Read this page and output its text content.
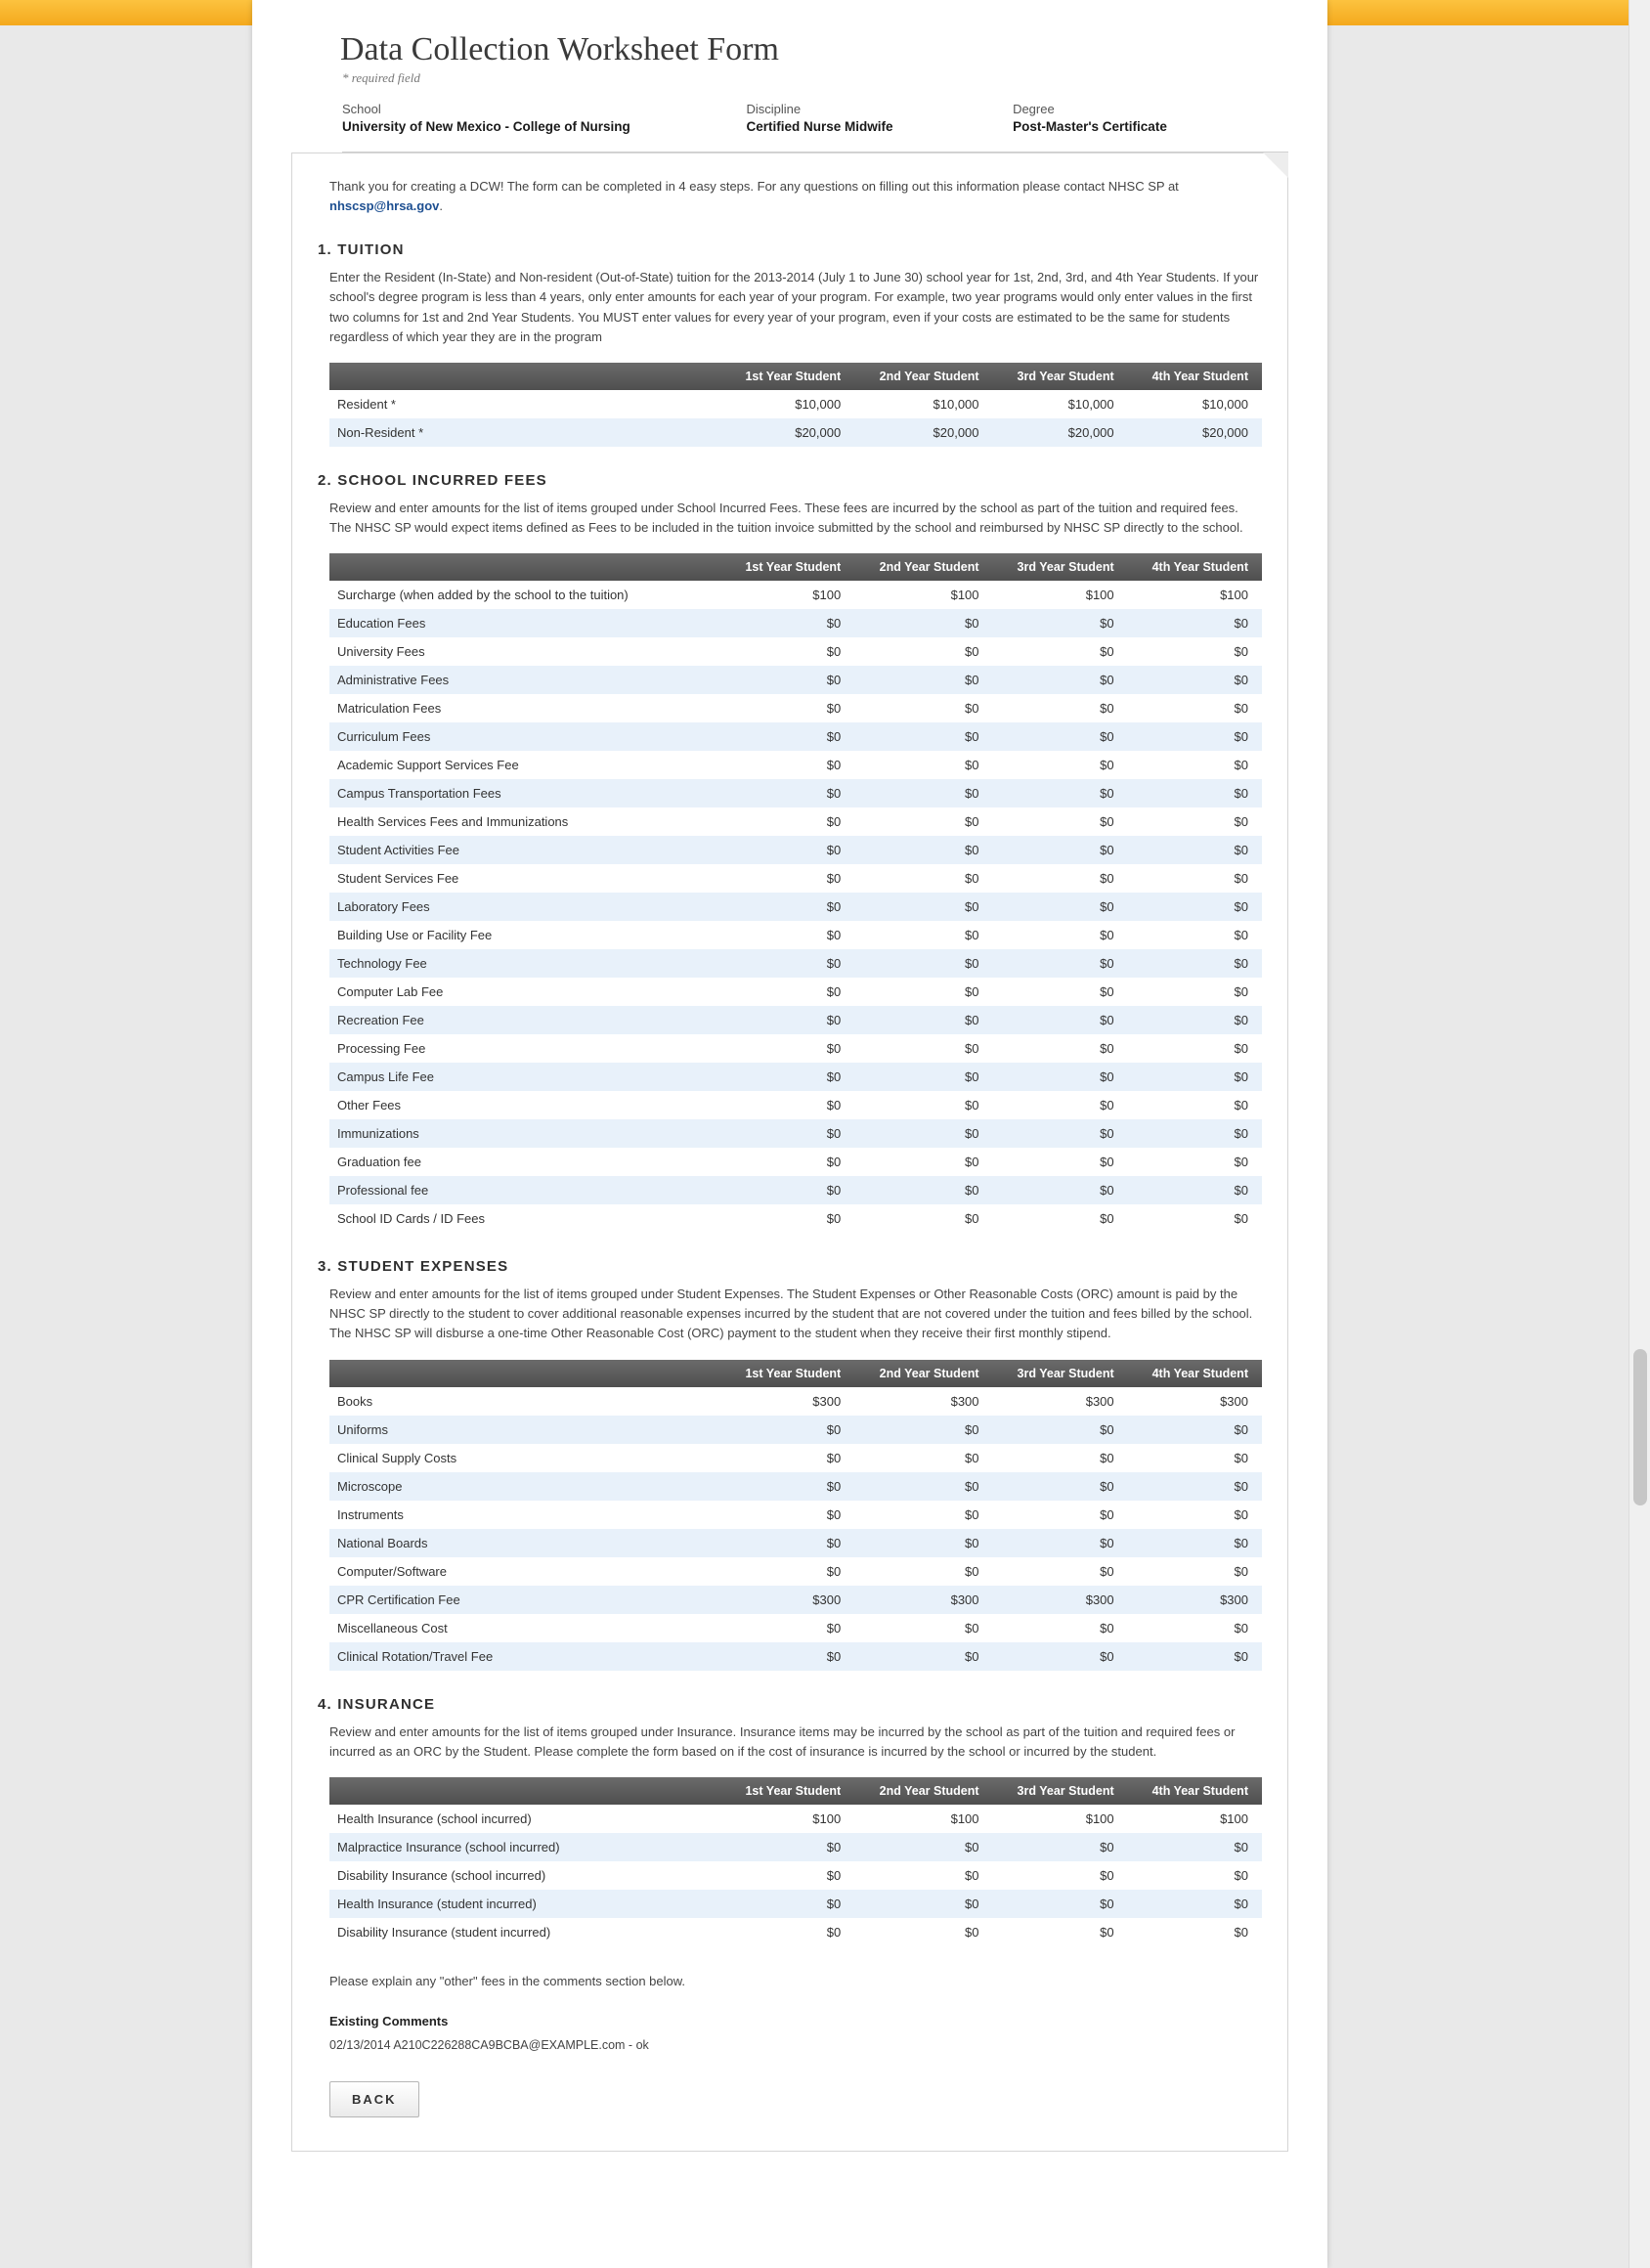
Data Collection Worksheet Form
* required field
School
University of New Mexico - College of Nursing
Discipline
Certified Nurse Midwife
Degree
Post-Master's Certificate

Thank you for creating a DCW! The form can be completed in 4 easy steps. For any questions on filling out this information please contact NHSC SP at nhscsp@hrsa.gov.

1. TUITION

Enter the Resident (In-State) and Non-resident (Out-of-State) tuition for the 2013-2014 (July 1 to June 30) school year for 1st, 2nd, 3rd, and 4th Year Students. If your school's degree program is less than 4 years, only enter amounts for each year of your program. For example, two year programs would only enter values in the first two columns for 1st and 2nd Year Students. You MUST enter values for every year of your program, even if your costs are estimated to be the same for students regardless of which year they are in the program

	1st Year Student	2nd Year Student	3rd Year Student	4th Year Student
Resident *	$10,000	$10,000	$10,000	$10,000
Non-Resident *	$20,000	$20,000	$20,000	$20,000
2. SCHOOL INCURRED FEES

Review and enter amounts for the list of items grouped under School Incurred Fees. These fees are incurred by the school as part of the tuition and required fees. The NHSC SP would expect items defined as Fees to be included in the tuition invoice submitted by the school and reimbursed by NHSC SP directly to the school.

	1st Year Student	2nd Year Student	3rd Year Student	4th Year Student
Surcharge (when added by the school to the tuition)	$100	$100	$100	$100
Education Fees	$0	$0	$0	$0
University Fees	$0	$0	$0	$0
Administrative Fees	$0	$0	$0	$0
Matriculation Fees	$0	$0	$0	$0
Curriculum Fees	$0	$0	$0	$0
Academic Support Services Fee	$0	$0	$0	$0
Campus Transportation Fees	$0	$0	$0	$0
Health Services Fees and Immunizations	$0	$0	$0	$0
Student Activities Fee	$0	$0	$0	$0
Student Services Fee	$0	$0	$0	$0
Laboratory Fees	$0	$0	$0	$0
Building Use or Facility Fee	$0	$0	$0	$0
Technology Fee	$0	$0	$0	$0
Computer Lab Fee	$0	$0	$0	$0
Recreation Fee	$0	$0	$0	$0
Processing Fee	$0	$0	$0	$0
Campus Life Fee	$0	$0	$0	$0
Other Fees	$0	$0	$0	$0
Immunizations	$0	$0	$0	$0
Graduation fee	$0	$0	$0	$0
Professional fee	$0	$0	$0	$0
School ID Cards / ID Fees	$0	$0	$0	$0
3. STUDENT EXPENSES

Review and enter amounts for the list of items grouped under Student Expenses. The Student Expenses or Other Reasonable Costs (ORC) amount is paid by the NHSC SP directly to the student to cover additional reasonable expenses incurred by the student that are not covered under the tuition and fees billed by the school. The NHSC SP will disburse a one-time Other Reasonable Cost (ORC) payment to the student when they receive their first monthly stipend.

	1st Year Student	2nd Year Student	3rd Year Student	4th Year Student
Books	$300	$300	$300	$300
Uniforms	$0	$0	$0	$0
Clinical Supply Costs	$0	$0	$0	$0
Microscope	$0	$0	$0	$0
Instruments	$0	$0	$0	$0
National Boards	$0	$0	$0	$0
Computer/Software	$0	$0	$0	$0
CPR Certification Fee	$300	$300	$300	$300
Miscellaneous Cost	$0	$0	$0	$0
Clinical Rotation/Travel Fee	$0	$0	$0	$0
4. INSURANCE

Review and enter amounts for the list of items grouped under Insurance. Insurance items may be incurred by the school as part of the tuition and required fees or incurred as an ORC by the Student. Please complete the form based on if the cost of insurance is incurred by the school or incurred by the student.

	1st Year Student	2nd Year Student	3rd Year Student	4th Year Student
Health Insurance (school incurred)	$100	$100	$100	$100
Malpractice Insurance (school incurred)	$0	$0	$0	$0
Disability Insurance (school incurred)	$0	$0	$0	$0
Health Insurance (student incurred)	$0	$0	$0	$0
Disability Insurance (student incurred)	$0	$0	$0	$0

Please explain any "other" fees in the comments section below.

Existing Comments
02/13/2014 A210C226288CA9BCBA@EXAMPLE.com - ok
BACK
